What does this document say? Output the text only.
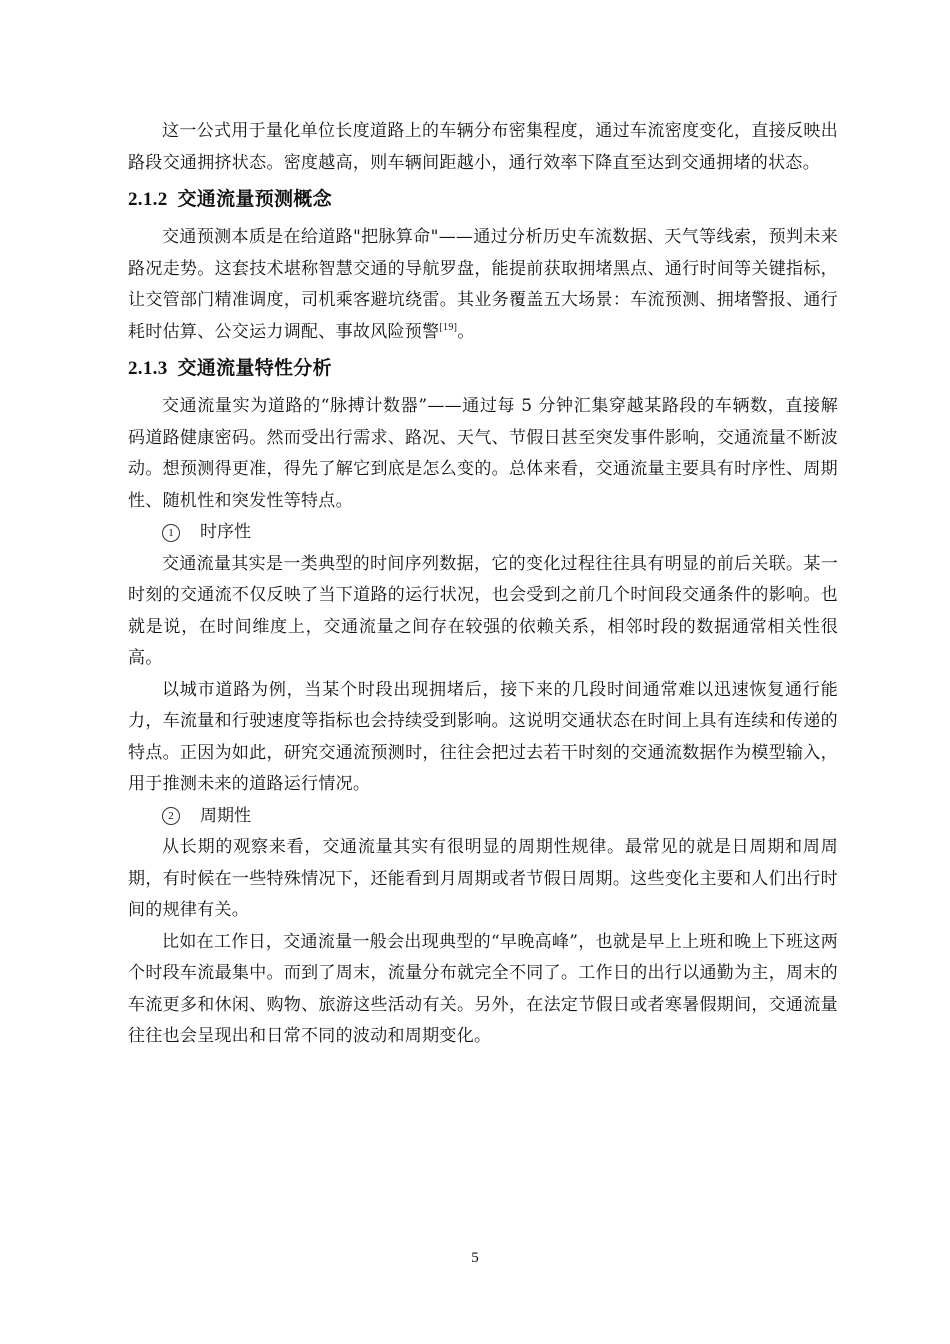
这一公式用于量化单位长度道路上的车辆分布密集程度，通过车流密度变化，直接反映出路段交通拥挤状态。密度越高，则车辆间距越小，通行效率下降直至达到交通拥堵的状态。

2.1.2 交通流量预测概念

交通预测本质是在给道路"把脉算命"——通过分析历史车流数据、天气等线索，预判未来路况走势。这套技术堪称智慧交通的导航罗盘，能提前获取拥堵黑点、通行时间等关键指标，让交管部门精准调度，司机乘客避坑绕雷。其业务覆盖五大场景：车流预测、拥堵警报、通行耗时估算、公交运力调配、事故风险预警[19]。

2.1.3 交通流量特性分析

交通流量实为道路的“脉搏计数器”——通过每 5 分钟汇集穿越某路段的车辆数，直接解码道路健康密码。然而受出行需求、路况、天气、节假日甚至突发事件影响，交通流量不断波动。想预测得更准，得先了解它到底是怎么变的。总体来看，交通流量主要具有时序性、周期性、随机性和突发性等特点。

1	时序性

交通流量其实是一类典型的时间序列数据，它的变化过程往往具有明显的前后关联。某一时刻的交通流不仅反映了当下道路的运行状况，也会受到之前几个时间段交通条件的影响。也就是说，在时间维度上，交通流量之间存在较强的依赖关系，相邻时段的数据通常相关性很高。

以城市道路为例，当某个时段出现拥堵后，接下来的几段时间通常难以迅速恢复通行能力，车流量和行驶速度等指标也会持续受到影响。这说明交通状态在时间上具有连续和传递的特点。正因为如此，研究交通流预测时，往往会把过去若干时刻的交通流数据作为模型输入，用于推测未来的道路运行情况。

2	周期性

从长期的观察来看，交通流量其实有很明显的周期性规律。最常见的就是日周期和周周期，有时候在一些特殊情况下，还能看到月周期或者节假日周期。这些变化主要和人们出行时间的规律有关。

比如在工作日，交通流量一般会出现典型的“早晚高峰”，也就是早上上班和晚上下班这两个时段车流最集中。而到了周末，流量分布就完全不同了。工作日的出行以通勤为主，周末的车流更多和休闲、购物、旅游这些活动有关。另外，在法定节假日或者寒暑假期间，交通流量往往也会呈现出和日常不同的波动和周期变化。

5
